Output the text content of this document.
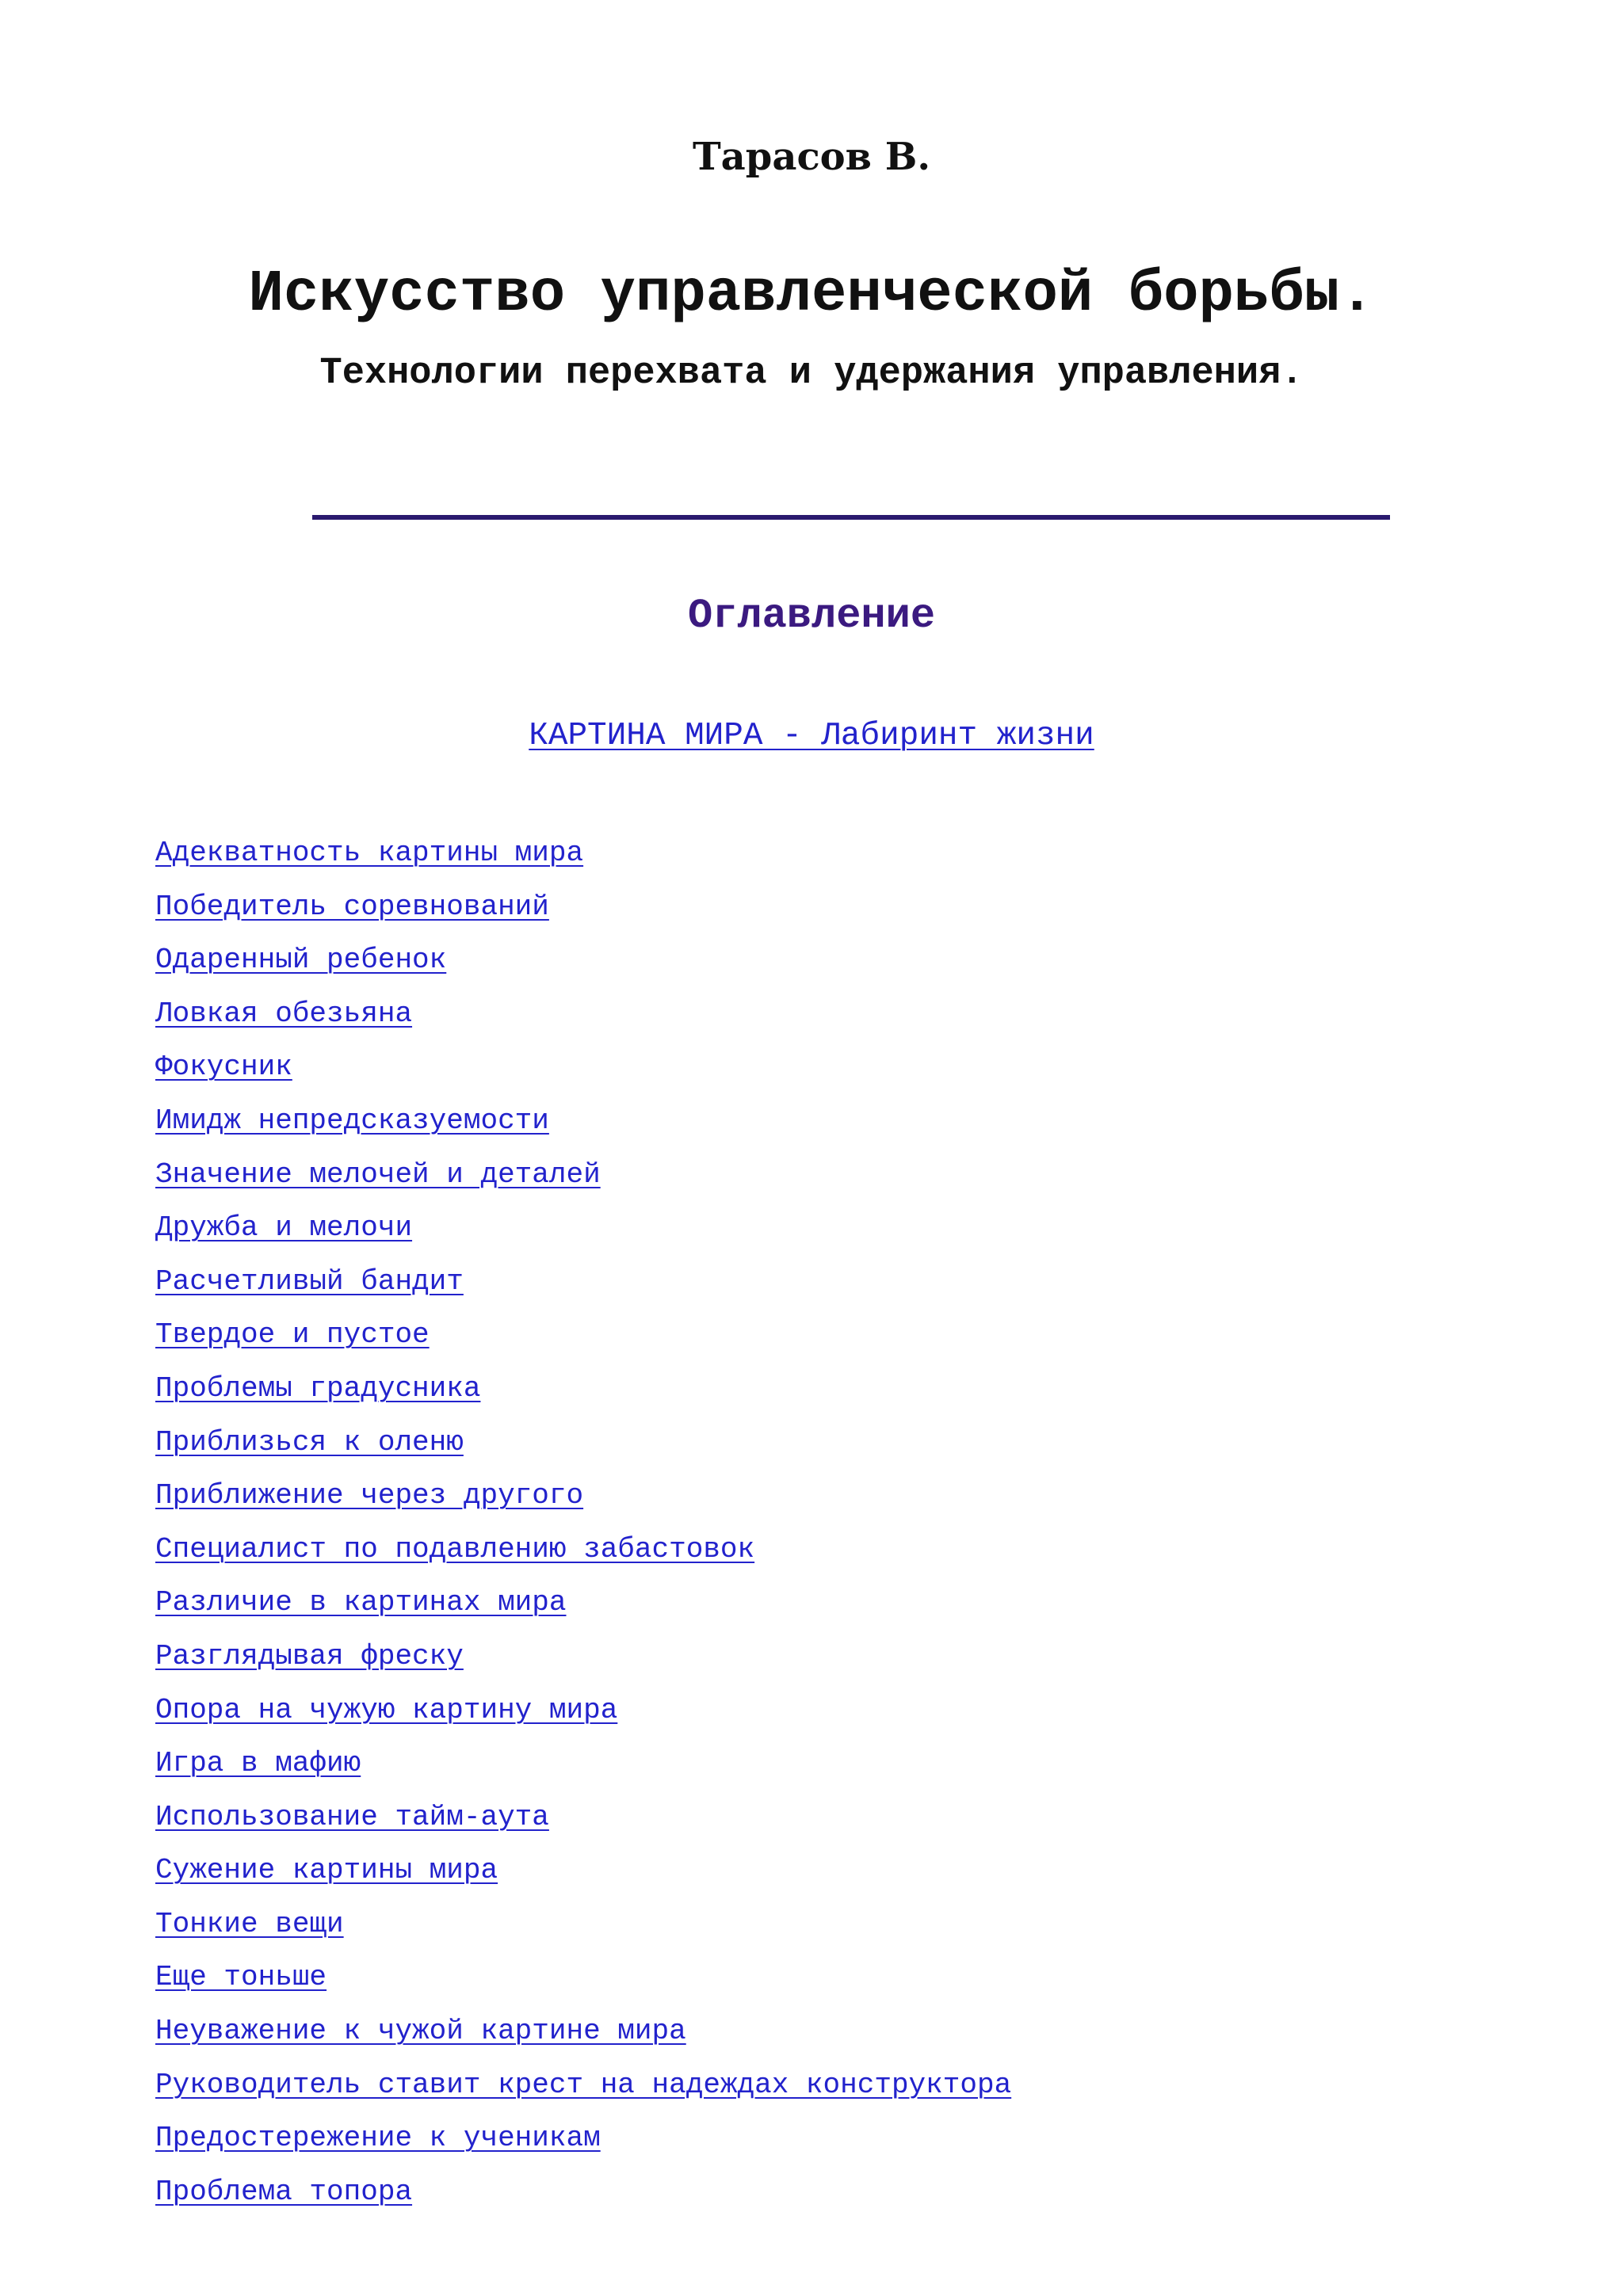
Тарасов В.
Искусство управленческой борьбы.
Технологии перехвата и удержания управления.
Оглавление

КАРТИНА МИРА - Лабиринт жизни

Адекватность картины мира
Победитель соревнований
Одаренный ребенок
Ловкая обезьяна
Фокусник
Имидж непредсказуемости
Значение мелочей и деталей
Дружба и мелочи
Расчетливый бандит
Твердое и пустое
Проблемы градусника
Приблизься к оленю
Приближение через другого
Специалист по подавлению забастовок
Различие в картинах мира
Разглядывая фреску
Опора на чужую картину мира
Игра в мафию
Использование тайм-аута
Сужение картины мира
Тонкие вещи
Еще тоньше
Неуважение к чужой картине мира
Руководитель ставит крест на надеждах конструктора
Предостережение к ученикам
Проблема топора
